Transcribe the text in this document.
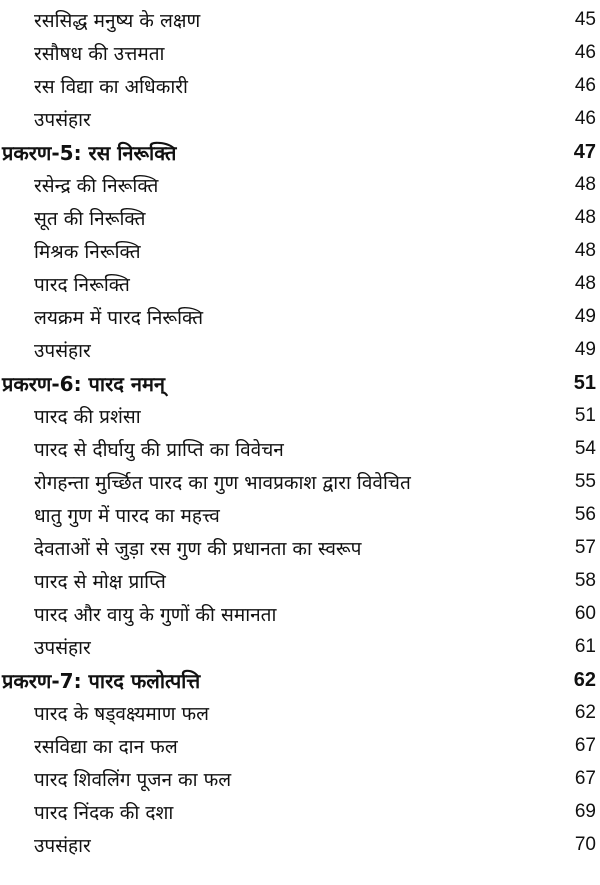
रससिद्ध मनुष्य के लक्षण	45
रसौषध की उत्तमता	46
रस विद्या का अधिकारी	46
उपसंहार	46
प्रकरण-5: रस निरूक्ति	47
रसेन्द्र की निरूक्ति	48
सूत की निरूक्ति	48
मिश्रक निरूक्ति	48
पारद निरूक्ति	48
लयक्रम में पारद निरूक्ति	49
उपसंहार	49
प्रकरण-6: पारद नमन्	51
पारद की प्रशंसा	51
पारद से दीर्घायु की प्राप्ति का विवेचन	54
रोगहन्ता मुर्च्छित पारद का गुण भावप्रकाश द्वारा विवेचित	55
धातु गुण में पारद का महत्त्व	56
देवताओं से जुड़ा रस गुण की प्रधानता का स्वरूप	57
पारद से मोक्ष प्राप्ति	58
पारद और वायु के गुणों की समानता	60
उपसंहार	61
प्रकरण-7: पारद फलोत्पत्ति	62
पारद के षड्वक्ष्यमाण फल	62
रसविद्या का दान फल	67
पारद शिवलिंग पूजन का फल	67
पारद निंदक की दशा	69
उपसंहार	70
